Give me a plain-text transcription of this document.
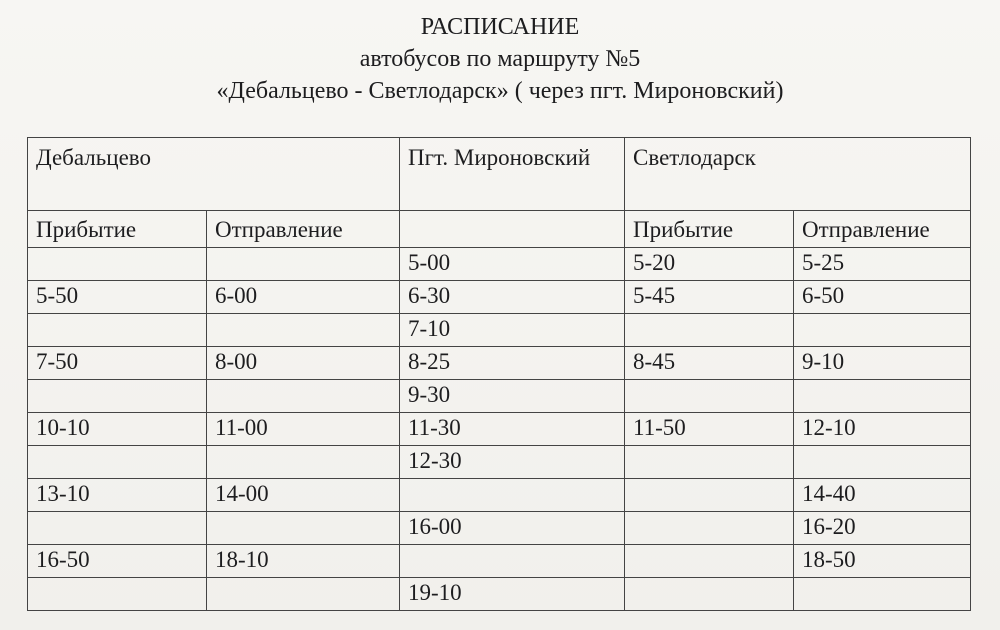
РАСПИСАНИЕ
автобусов по маршруту №5
«Дебальцево - Светлодарск» ( через пгт. Мироновский)
Дебальцево		Пгт. Мироновский	Светлодарск	
Прибытие	Отправление		Прибытие	Отправление
		5-00	5-20	5-25
5-50	6-00	6-30	5-45	6-50
		7-10		
7-50	8-00	8-25	8-45	9-10
		9-30		
10-10	11-00	11-30	11-50	12-10
		12-30		
13-10	14-00			14-40
		16-00		16-20
16-50	18-10			18-50
		19-10		
